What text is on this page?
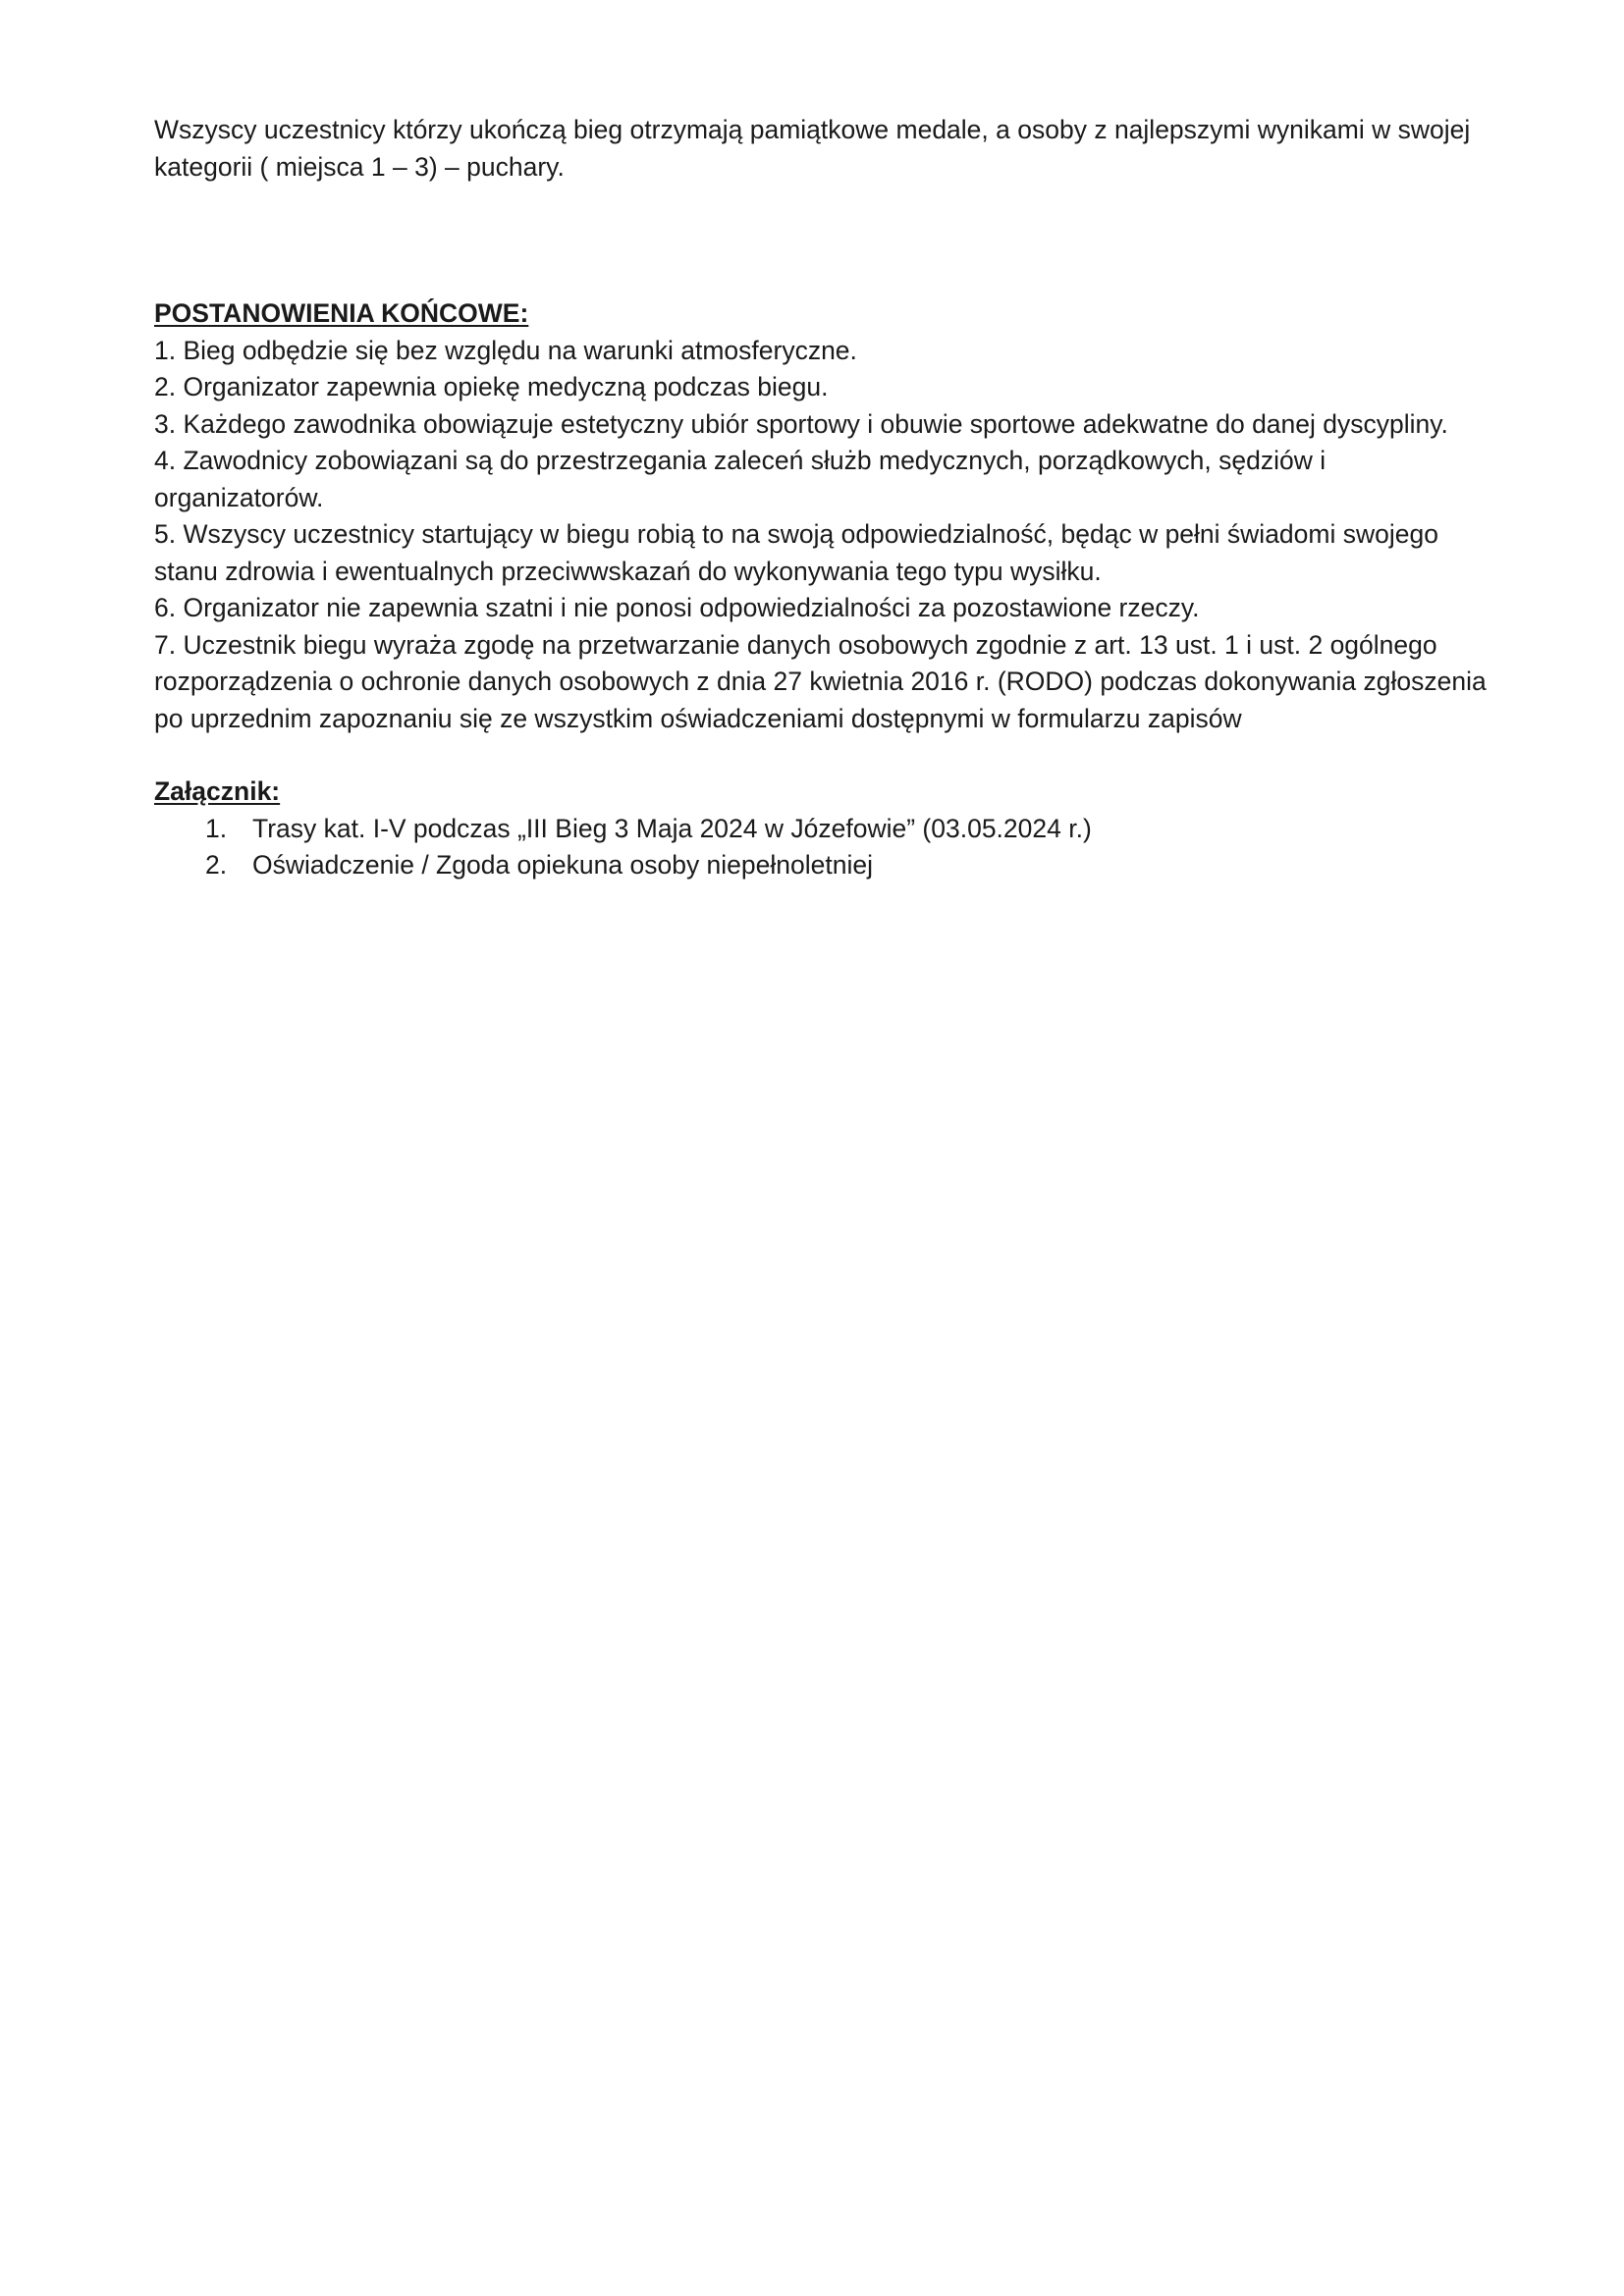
Wszyscy uczestnicy którzy ukończą bieg otrzymają pamiątkowe medale, a osoby z najlepszymi wynikami w swojej kategorii ( miejsca 1 – 3) – puchary.

POSTANOWIENIA KOŃCOWE:

1. Bieg odbędzie się bez względu na warunki atmosferyczne.

2. Organizator zapewnia opiekę medyczną podczas biegu.

3. Każdego zawodnika obowiązuje estetyczny ubiór sportowy i obuwie sportowe adekwatne do danej dyscypliny.

4. Zawodnicy zobowiązani są do przestrzegania zaleceń służb medycznych, porządkowych, sędziów i organizatorów.

5. Wszyscy uczestnicy startujący w biegu robią to na swoją odpowiedzialność, będąc w pełni świadomi swojego stanu zdrowia i ewentualnych przeciwwskazań do wykonywania tego typu wysiłku.

6. Organizator nie zapewnia szatni i nie ponosi odpowiedzialności za pozostawione rzeczy.

7. Uczestnik biegu wyraża zgodę na przetwarzanie danych osobowych zgodnie z art. 13 ust. 1 i ust. 2 ogólnego rozporządzenia o ochronie danych osobowych z dnia 27 kwietnia 2016 r. (RODO) podczas dokonywania zgłoszenia po uprzednim zapoznaniu się ze wszystkim oświadczeniami dostępnymi w formularzu zapisów

Załącznik:

1. Trasy kat. I-V podczas „III Bieg 3 Maja 2024 w Józefowie” (03.05.2024 r.)
2. Oświadczenie / Zgoda opiekuna osoby niepełnoletniej
